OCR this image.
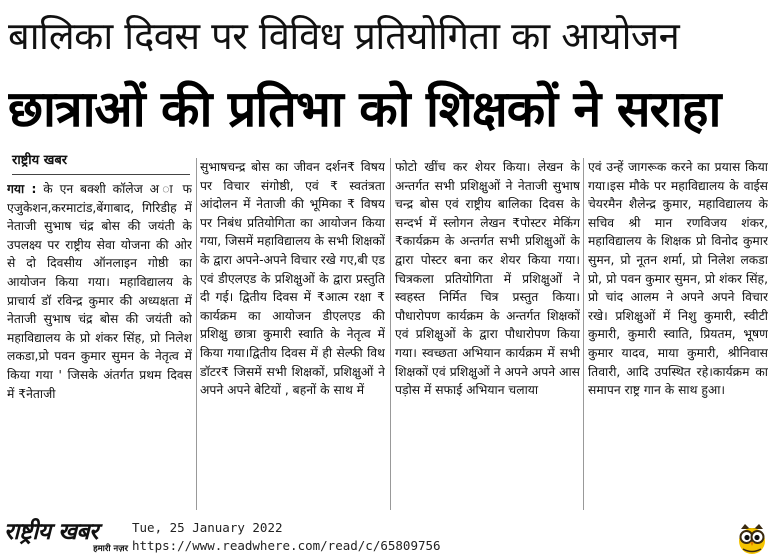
बालिका दिवस पर विविध प्रतियोगिता का आयोजन
छात्राओं की प्रतिभा को शिक्षकों ने सराहा
राष्ट्रीय खबर
गया : के एन बक्शी कॉलेज अ ा फ एजुकेशन,करमाटांड,बेंगाबाद, गिरिडीह में नेताजी सुभाष चंद्र बोस की जयंती के उपलक्ष्य पर राष्ट्रीय सेवा योजना की ओर से दो दिवसीय ऑनलाइन गोष्ठी का आयोजन किया गया। महाविद्यालय के प्राचार्य डॉ रविन्द्र कुमार की अध्यक्षता में नेताजी सुभाष चंद्र बोस की जयंती को महाविद्यालय के प्रो शंकर सिंह, प्रो निलेश लकडा,प्रो पवन कुमार सुमन के नेतृत्व में किया गया ' जिसके अंतर्गत प्रथम दिवस में ₹नेताजी
सुभाषचन्द्र बोस का जीवन दर्शन₹ विषय पर विचार संगोष्ठी, एवं ₹ स्वतंत्रता आंदोलन में नेताजी की भूमिका ₹ विषय पर निबंध प्रतियोगिता का आयोजन किया गया, जिसमें महाविद्यालय के सभी शिक्षकों के द्वारा अपने-अपने विचार रखे गए,बी एड एवं डीएलएड के प्रशिक्षुओं के द्वारा प्रस्तुति दी गई। द्वितीय दिवस में ₹आत्म रक्षा ₹ कार्यक्रम का आयोजन डीएलएड की प्रशिक्षु छात्रा कुमारी स्वाति के नेतृत्व में किया गया।द्वितीय दिवस में ही सेल्फी विथ डॉटर₹ जिसमें सभी शिक्षकों, प्रशिक्षुओं ने अपने अपने बेटियों , बहनों के साथ में
फोटो खींच कर शेयर किया। लेखन के अन्तर्गत सभी प्रशिक्षुओं ने नेताजी सुभाष चन्द्र बोस एवं राष्ट्रीय बालिका दिवस के सन्दर्भ में स्लोगन लेखन ₹पोस्टर मेकिंग ₹कार्यक्रम के अन्तर्गत सभी प्रशिक्षुओं के द्वारा पोस्टर बना कर शेयर किया गया। चित्रकला प्रतियोगिता में प्रशिक्षुओं ने स्वहस्त निर्मित चित्र प्रस्तुत किया। पौधारोपण कार्यक्रम के अन्तर्गत शिक्षकों एवं प्रशिक्षुओं के द्वारा पौधारोपण किया गया। स्वच्छता अभियान कार्यक्रम में सभी शिक्षकों एवं प्रशिक्षुओं ने अपने अपने आस पड़ोस में सफाई अभियान चलाया
एवं उन्हें जागरूक करने का प्रयास किया गया।इस मौके पर महाविद्यालय के वाईस चेयरमैन शैलेन्द्र कुमार, महाविद्यालय के सचिव श्री मान रणविजय शंकर, महाविद्यालय के शिक्षक प्रो विनोद कुमार सुमन, प्रो नूतन शर्मा, प्रो निलेश लकडा प्रो, प्रो पवन कुमार सुमन, प्रो शंकर सिंह, प्रो चांद आलम ने अपने अपने विचार रखे। प्रशिक्षुओं में निशु कुमारी, स्वीटी कुमारी, कुमारी स्वाति, प्रियतम, भूषण कुमार यादव, माया कुमारी, श्रीनिवास तिवारी, आदि उपस्थित रहे।कार्यक्रम का समापन राष्ट्र गान के साथ हुआ।
राष्ट्रीय खबर
हमारी नज़र
Tue, 25 January 2022
https://www.readwhere.com/read/c/65809756
